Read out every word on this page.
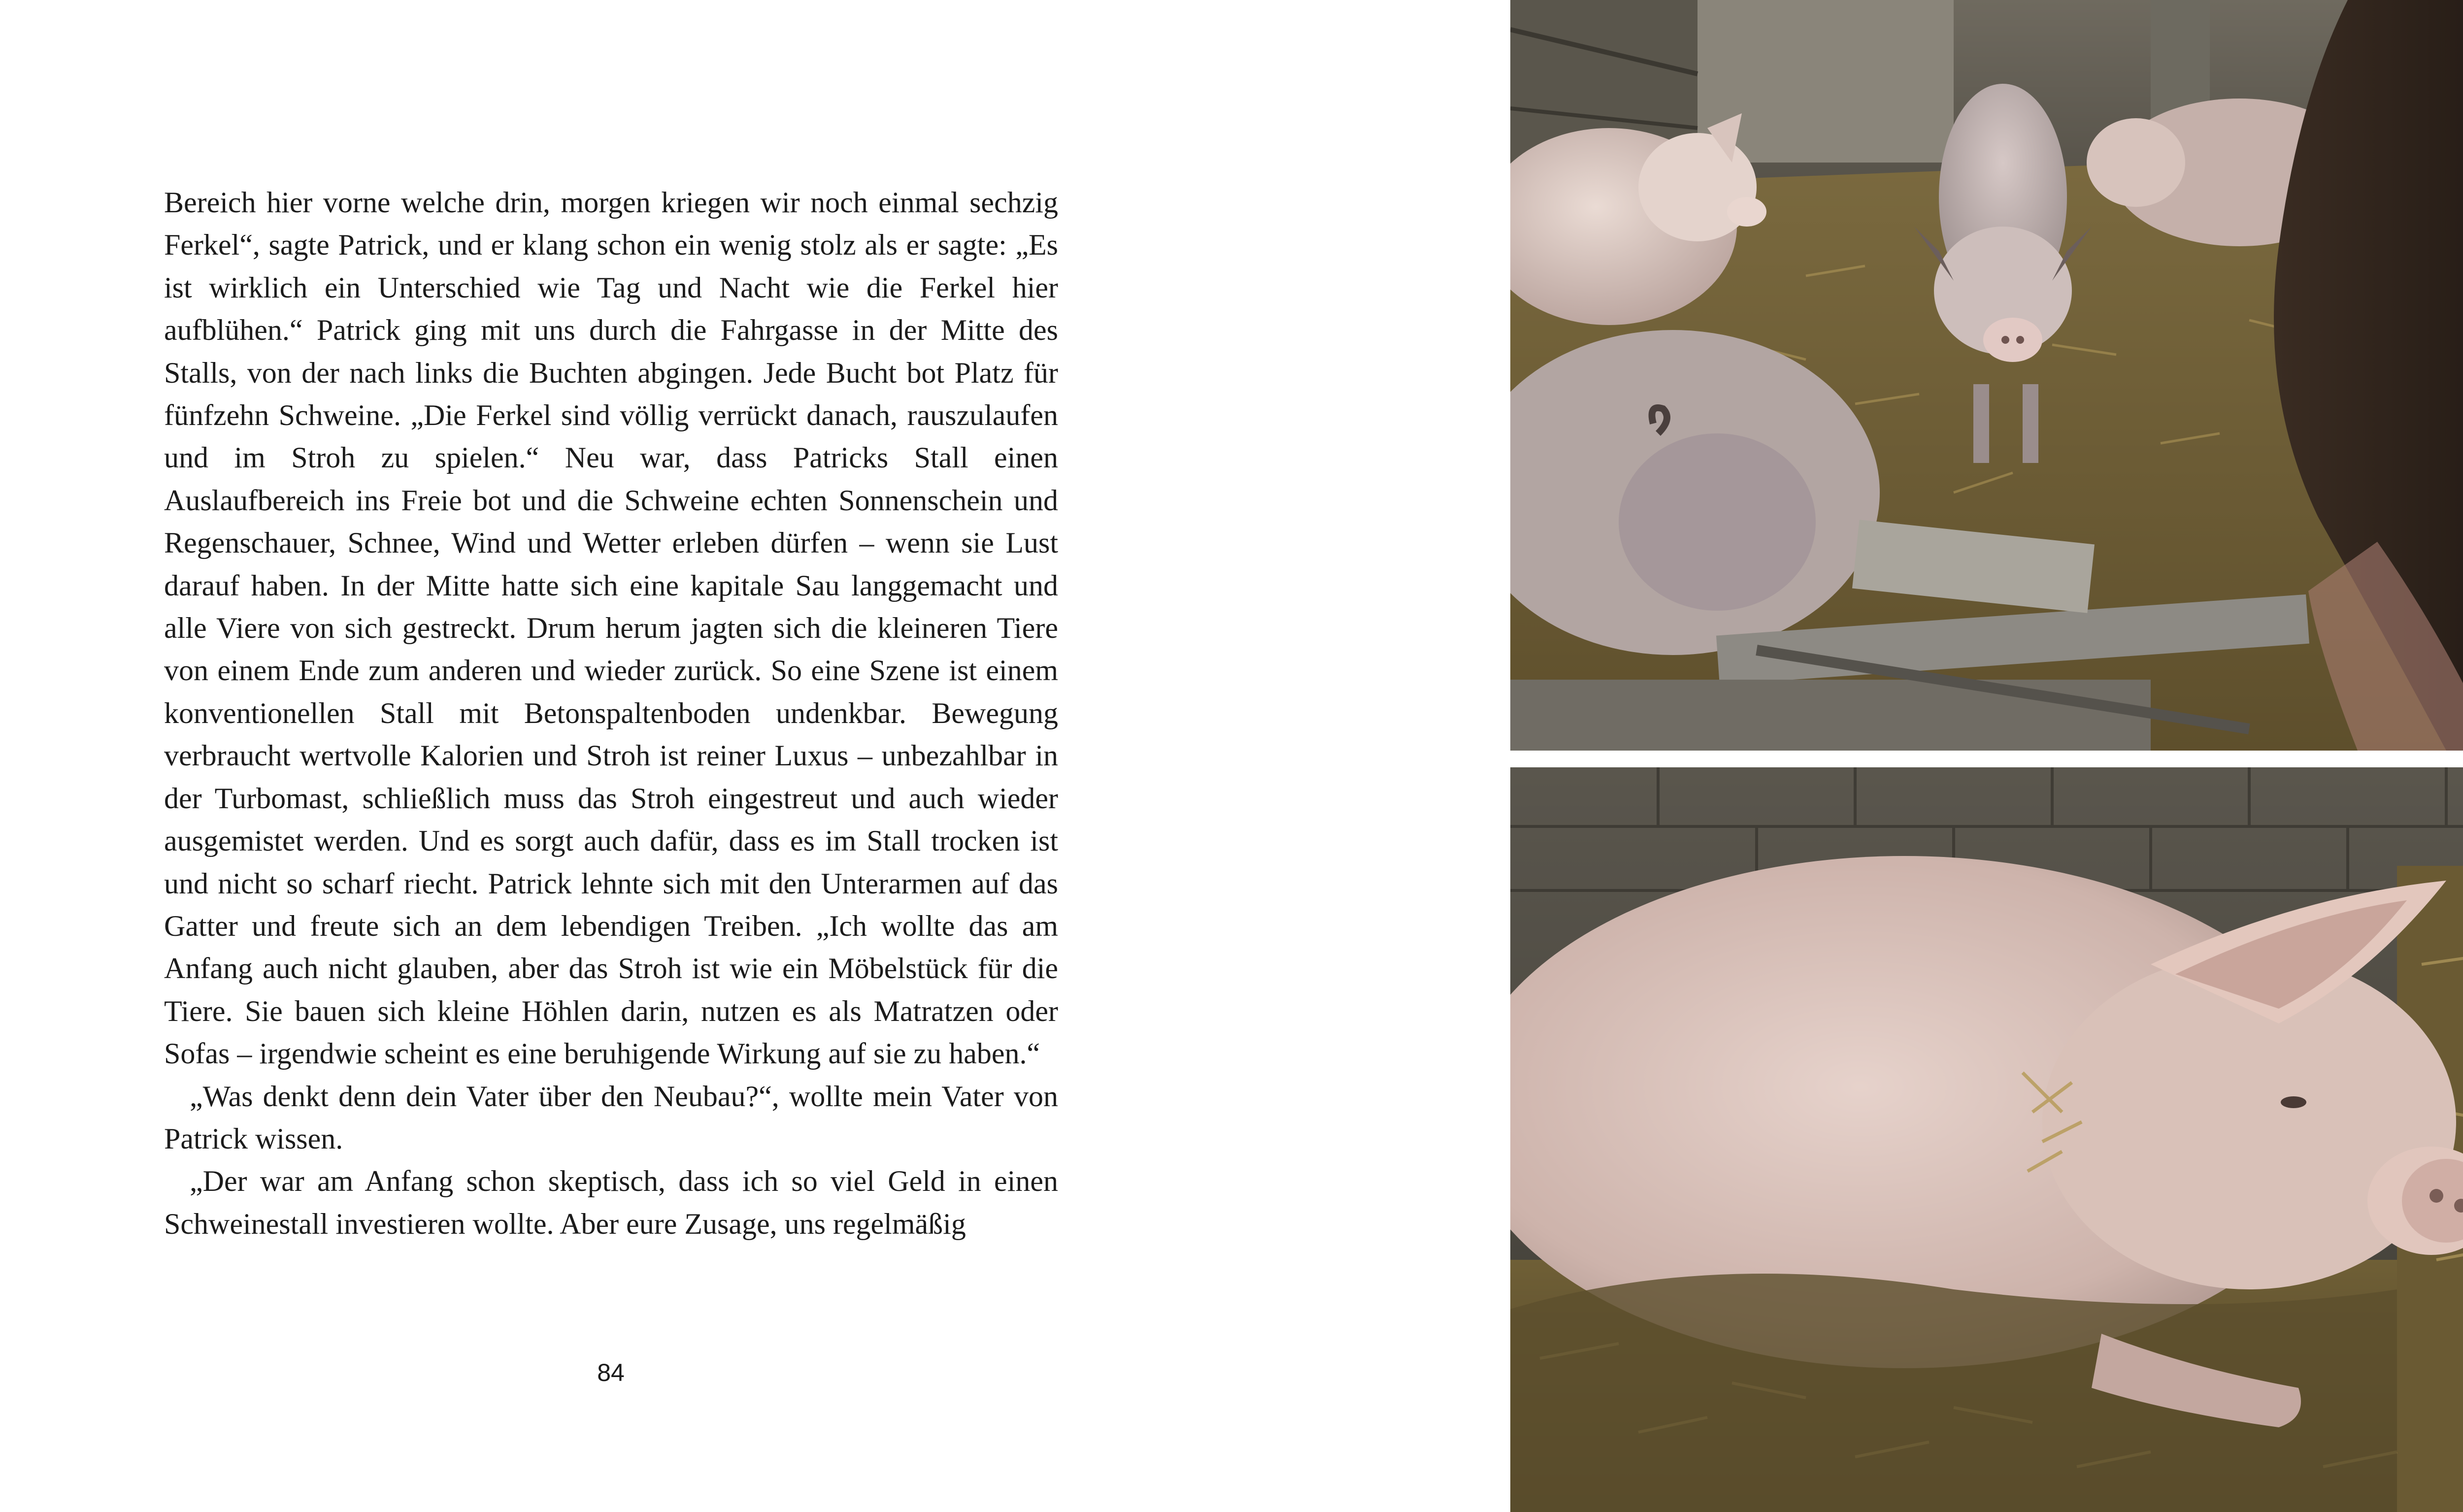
Bereich hier vorne welche drin, morgen kriegen wir noch einmal sechzig Ferkel“, sagte Patrick, und er klang schon ein wenig stolz als er sagte: „Es ist wirklich ein Unterschied wie Tag und Nacht wie die Ferkel hier aufblühen.“ Patrick ging mit uns durch die Fahrgasse in der Mitte des Stalls, von der nach links die Buchten abgingen. Jede Bucht bot Platz für fünfzehn Schweine. „Die Ferkel sind völlig verrückt danach, rauszulaufen und im Stroh zu spielen.“ Neu war, dass Patricks Stall einen Auslaufbereich ins Freie bot und die Schweine echten Sonnenschein und Regenschauer, Schnee, Wind und Wetter erleben dürfen – wenn sie Lust darauf haben. In der Mitte hatte sich eine kapitale Sau langgemacht und alle Viere von sich gestreckt. Drum herum jagten sich die kleineren Tiere von einem Ende zum anderen und wieder zurück. So eine Szene ist einem konventionellen Stall mit Betonspaltenboden undenkbar. Bewegung verbraucht wertvolle Kalorien und Stroh ist reiner Luxus – unbezahlbar in der Turbomast, schließlich muss das Stroh eingestreut und auch wieder ausgemistet werden. Und es sorgt auch dafür, dass es im Stall trocken ist und nicht so scharf riecht. Patrick lehnte sich mit den Unterarmen auf das Gatter und freute sich an dem lebendigen Treiben. „Ich wollte das am Anfang auch nicht glauben, aber das Stroh ist wie ein Möbelstück für die Tiere. Sie bauen sich kleine Höhlen darin, nutzen es als Matratzen oder Sofas – irgendwie scheint es eine beruhigende Wirkung auf sie zu haben.“

„Was denkt denn dein Vater über den Neubau?“, wollte mein Vater von Patrick wissen.

„Der war am Anfang schon skeptisch, dass ich so viel Geld in einen Schweinestall investieren wollte. Aber eure Zusage, uns regelmäßig

84
